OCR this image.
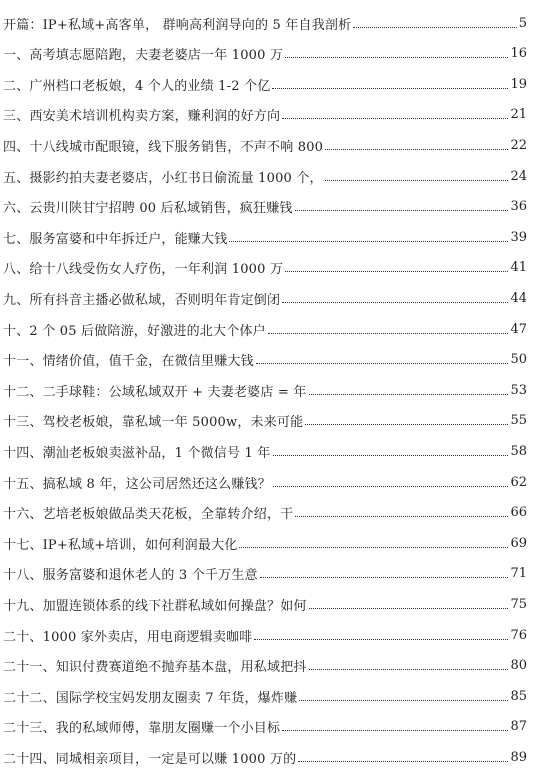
开篇：IP+私域+高客单， 群响高利润导向的 5 年自我剖析	5
一、高考填志愿陪跑，夫妻老婆店一年 1000 万	16
二、广州档口老板娘，4 个人的业绩 1-2 个亿	19
三、西安美术培训机构卖方案，赚利润的好方向	21
四、十八线城市配眼镜，线下服务销售，不声不响 800	22
五、摄影约拍夫妻老婆店，小红书日偷流量 1000 个，	24
六、云贵川陕甘宁招聘 00 后私域销售，疯狂赚钱	36
七、服务富婆和中年拆迁户，能赚大钱	39
八、给十八线受伤女人疗伤，一年利润 1000 万	41
九、所有抖音主播必做私域，否则明年肯定倒闭	44
十、2 个 05 后做陪游，好激进的北大个体户	47
十一、情绪价值，值千金，在微信里赚大钱	50
十二、二手球鞋：公域私域双开 + 夫妻老婆店 = 年	53
十三、驾校老板娘，靠私域一年 5000w，未来可能	55
十四、潮汕老板娘卖滋补品，1 个微信号 1 年	58
十五、搞私域 8 年，这公司居然还这么赚钱？	62
十六、艺培老板娘做品类天花板，全靠转介绍，干	66
十七、IP+私域+培训，如何利润最大化	69
十八、服务富婆和退休老人的 3 个千万生意	71
十九、加盟连锁体系的线下社群私域如何操盘？如何	75
二十、1000 家外卖店，用电商逻辑卖咖啡	76
二十一、知识付费赛道绝不抛弃基本盘，用私域把抖	80
二十二、国际学校宝妈发朋友圈卖 7 年货，爆炸赚	85
二十三、我的私域师傅，靠朋友圈赚一个小目标	87
二十四、同城相亲项目，一定是可以赚 1000 万的	89
